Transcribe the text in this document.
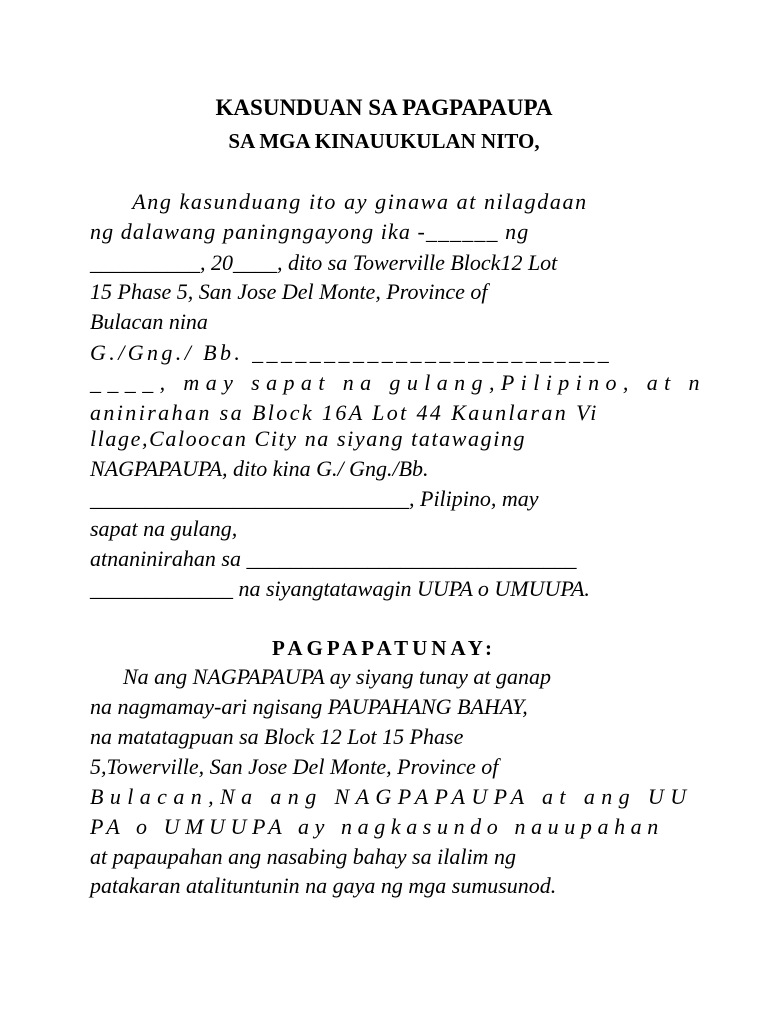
KASUNDUAN SA PAGPAPAUPA
SA MGA KINAUUKULAN NITO,
Ang kasunduang ito ay ginawa at nilagdaan
ng dalawang paningngayong ika -______ ng
__________, 20____, dito sa Towerville Block12 Lot
15 Phase 5, San Jose Del Monte, Province of
Bulacan nina
G./Gng./ Bb. _________________________
____, may sapat na gulang,Pilipino, at n
aninirahan sa Block 16A Lot 44 Kaunlaran Vi
llage,Caloocan City na siyang tatawaging
NAGPAPAUPA, dito kina G./ Gng./Bb.
_____________________________, Pilipino, may
sapat na gulang,
atnaninirahan sa ______________________________
_____________ na siyangtatawagin UUPA o UMUUPA.
PAGPAPATUNAY:
Na ang NAGPAPAUPA ay siyang tunay at ganap
na nagmamay-ari ngisang PAUPAHANG BAHAY,
na matatagpuan sa Block 12 Lot 15 Phase
5,Towerville, San Jose Del Monte, Province of
Bulacan,Na ang NAGPAPAUPA at ang UU
PA o UMUUPA ay nagkasundo nauupahan
at papaupahan ang nasabing bahay sa ilalim ng
patakaran atalituntunin na gaya ng mga sumusunod.
